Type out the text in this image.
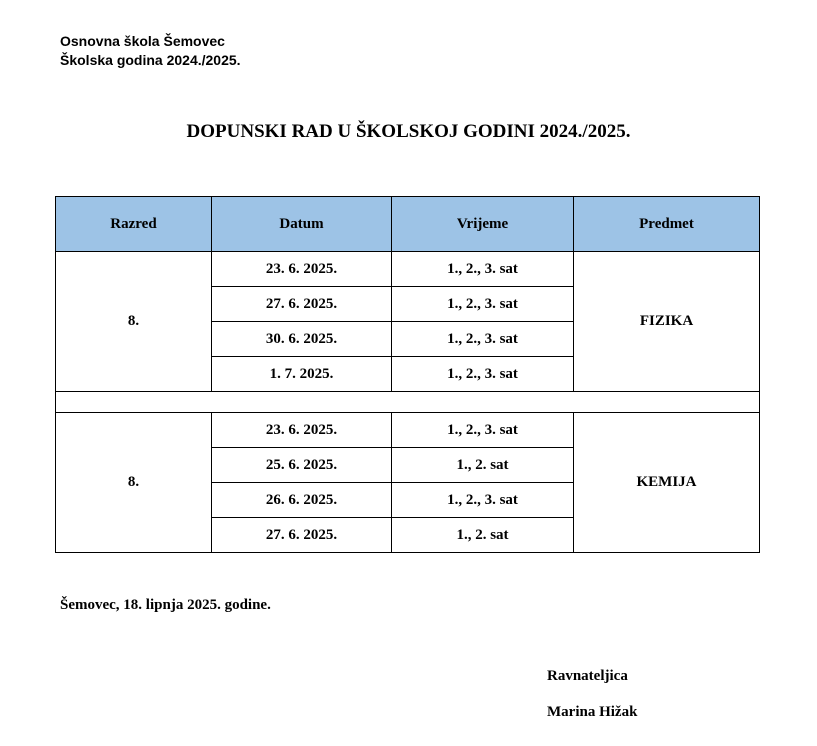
Osnovna škola Šemovec
Školska godina 2024./2025.
DOPUNSKI RAD U ŠKOLSKOJ GODINI 2024./2025.
Razred	Datum	Vrijeme	Predmet
8.	23. 6. 2025.	1., 2., 3. sat	FIZIKA
	27. 6. 2025.	1., 2., 3. sat	
	30. 6. 2025.	1., 2., 3. sat	
	1. 7. 2025.	1., 2., 3. sat	

8.	23. 6. 2025.	1., 2., 3. sat	KEMIJA
	25. 6. 2025.	1., 2. sat	
	26. 6. 2025.	1., 2., 3. sat	
	27. 6. 2025.	1., 2. sat	
Šemovec, 18. lipnja 2025. godine.
Ravnateljica
Marina Hižak
